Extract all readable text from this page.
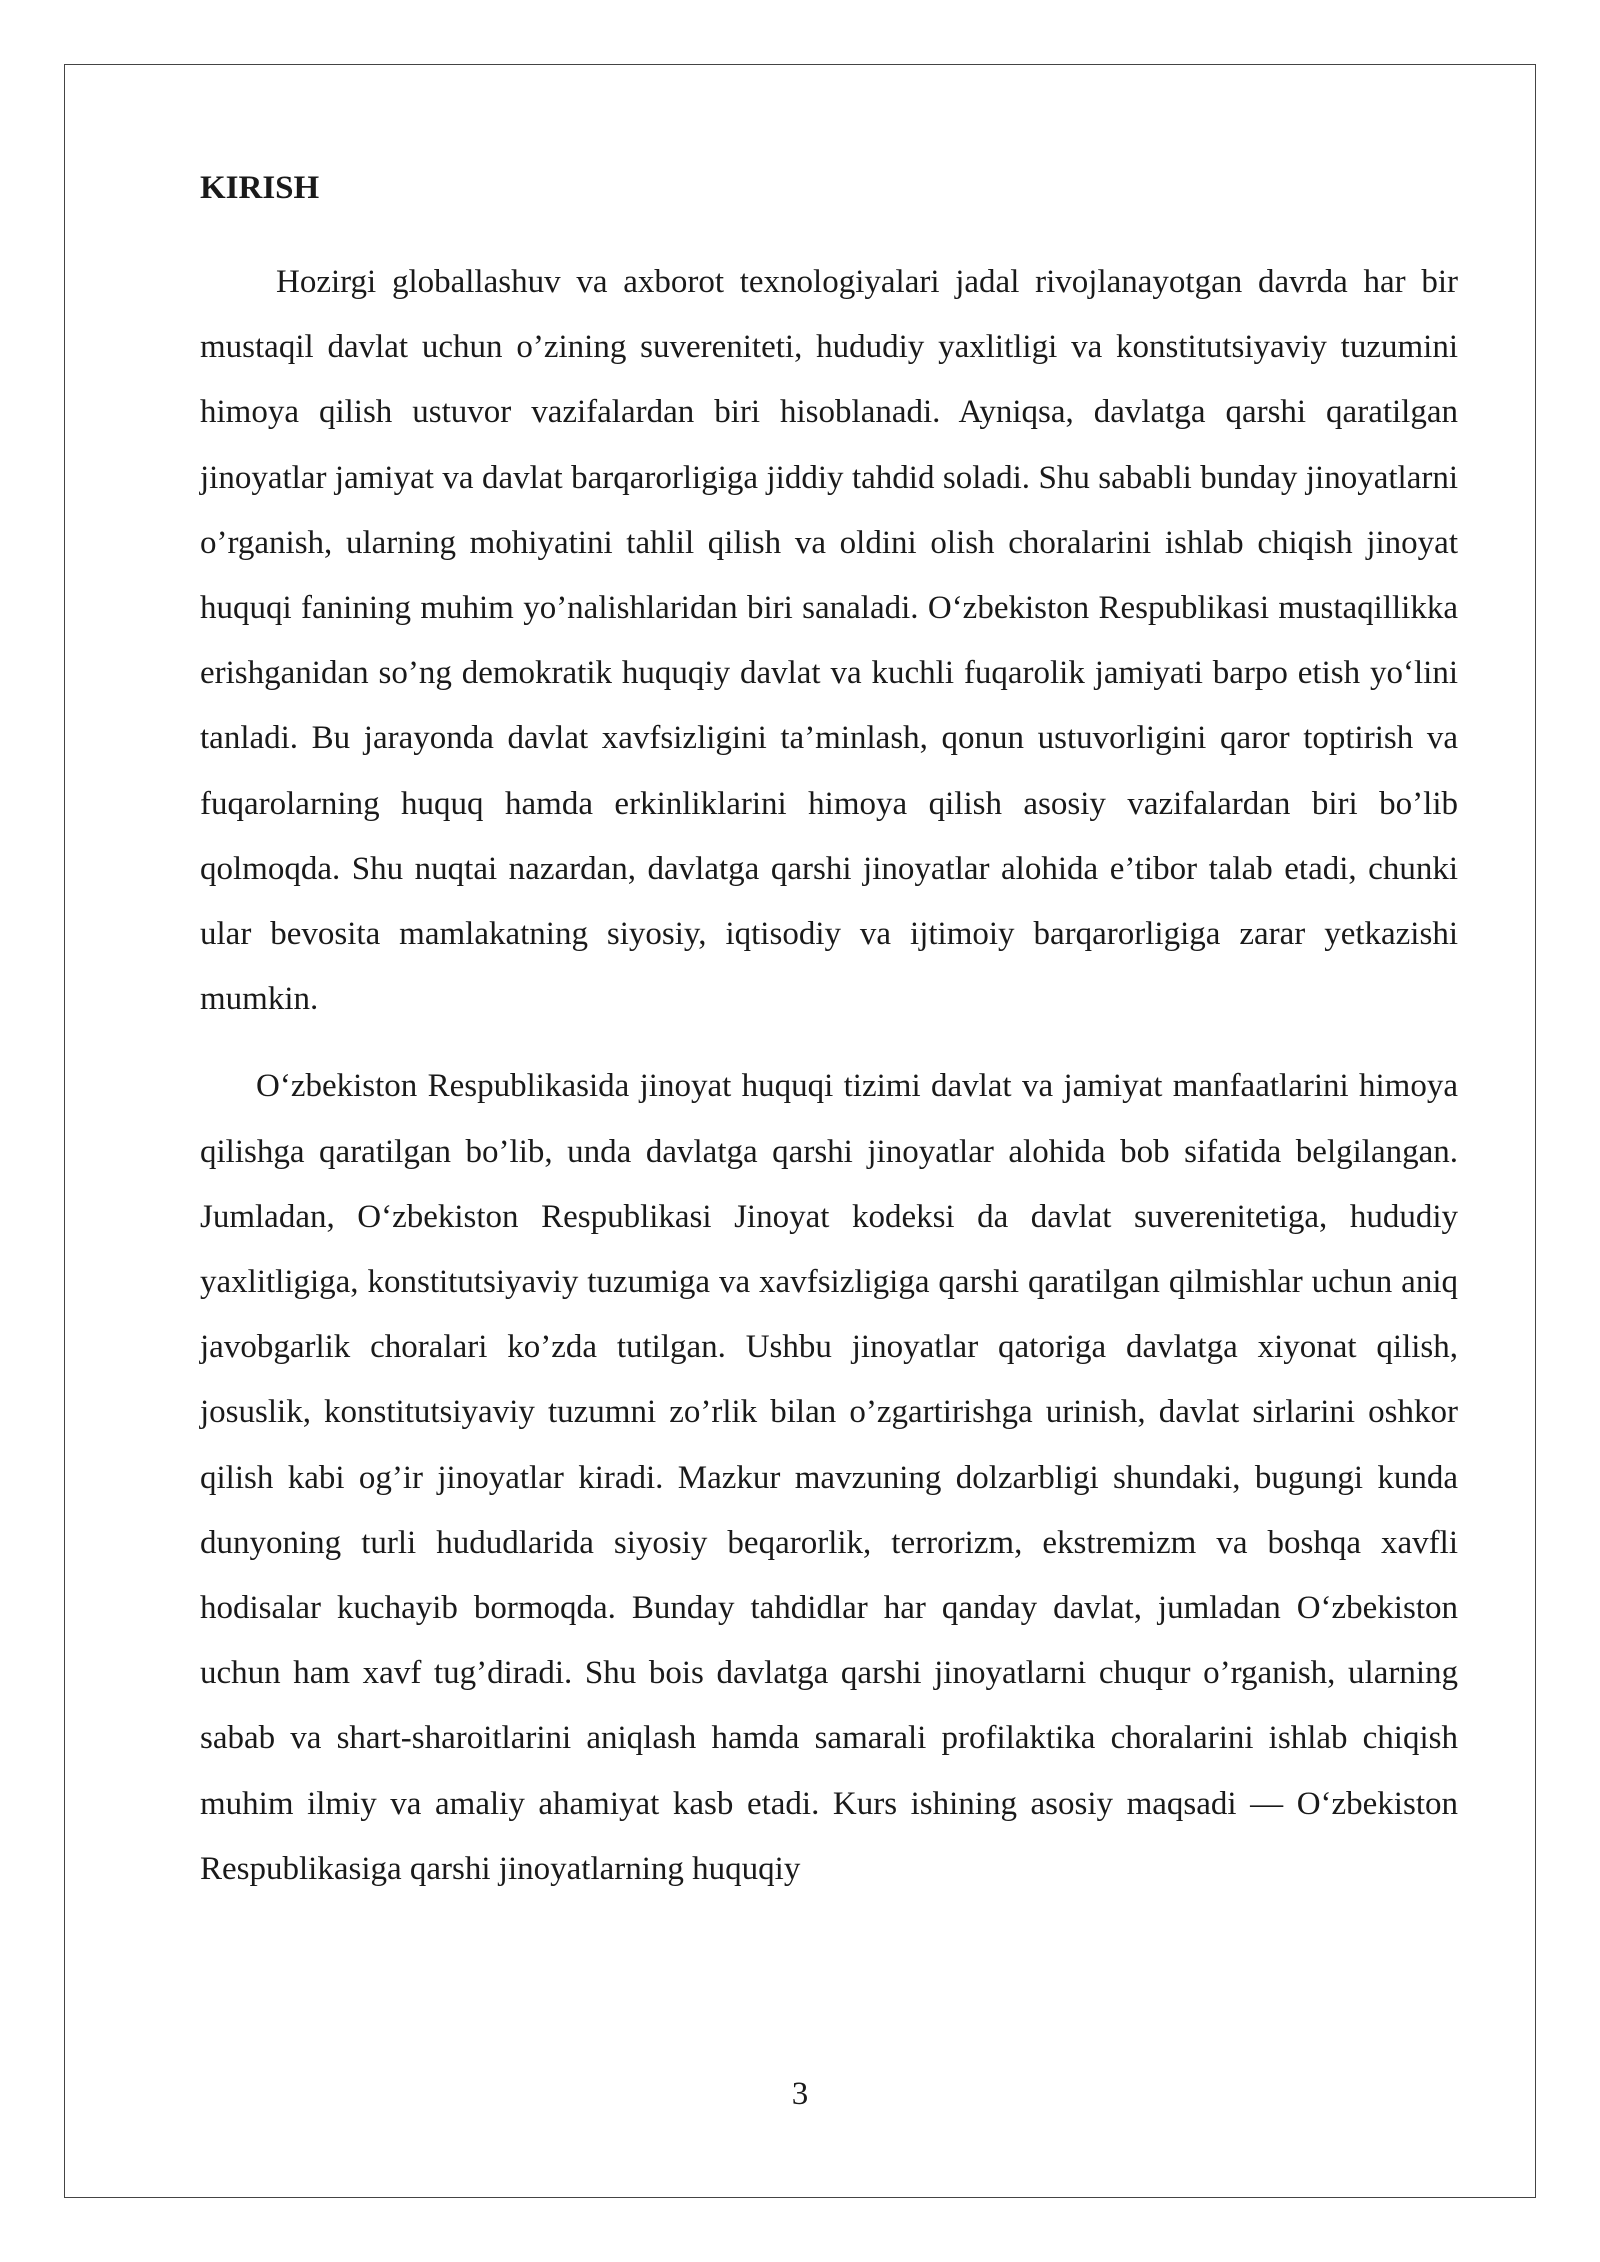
KIRISH

Hozirgi globallashuv va axborot texnologiyalari jadal rivojlanayotgan davrda har bir mustaqil davlat uchun o’zining suvereniteti, hududiy yaxlitligi va konstitutsiyaviy tuzumini himoya qilish ustuvor vazifalardan biri hisoblanadi. Ayniqsa, davlatga qarshi qaratilgan jinoyatlar jamiyat va davlat barqarorligiga jiddiy tahdid soladi. Shu sababli bunday jinoyatlarni o’rganish, ularning mohiyatini tahlil qilish va oldini olish choralarini ishlab chiqish jinoyat huquqi fanining muhim yo’nalishlaridan biri sanaladi. O‘zbekiston Respublikasi mustaqillikka erishganidan so’ng demokratik huquqiy davlat va kuchli fuqarolik jamiyati barpo etish yo‘lini tanladi. Bu jarayonda davlat xavfsizligini ta’minlash, qonun ustuvorligini qaror toptirish va fuqarolarning huquq hamda erkinliklarini himoya qilish asosiy vazifalardan biri bo’lib qolmoqda. Shu nuqtai nazardan, davlatga qarshi jinoyatlar alohida e’tibor talab etadi, chunki ular bevosita mamlakatning siyosiy, iqtisodiy va ijtimoiy barqarorligiga zarar yetkazishi mumkin.

O‘zbekiston Respublikasida jinoyat huquqi tizimi davlat va jamiyat manfaatlarini himoya qilishga qaratilgan bo’lib, unda davlatga qarshi jinoyatlar alohida bob sifatida belgilangan. Jumladan, O‘zbekiston Respublikasi Jinoyat kodeksi da davlat suverenitetiga, hududiy yaxlitligiga, konstitutsiyaviy tuzumiga va xavfsizligiga qarshi qaratilgan qilmishlar uchun aniq javobgarlik choralari ko’zda tutilgan. Ushbu jinoyatlar qatoriga davlatga xiyonat qilish, josuslik, konstitutsiyaviy tuzumni zo’rlik bilan o’zgartirishga urinish, davlat sirlarini oshkor qilish kabi og’ir jinoyatlar kiradi. Mazkur mavzuning dolzarbligi shundaki, bugungi kunda dunyoning turli hududlarida siyosiy beqarorlik, terrorizm, ekstremizm va boshqa xavfli hodisalar kuchayib bormoqda. Bunday tahdidlar har qanday davlat, jumladan O‘zbekiston uchun ham xavf tug’diradi. Shu bois davlatga qarshi jinoyatlarni chuqur o’rganish, ularning sabab va shart-sharoitlarini aniqlash hamda samarali profilaktika choralarini ishlab chiqish muhim ilmiy va amaliy ahamiyat kasb etadi. Kurs ishining asosiy maqsadi — O‘zbekiston Respublikasiga qarshi jinoyatlarning huquqiy

3
